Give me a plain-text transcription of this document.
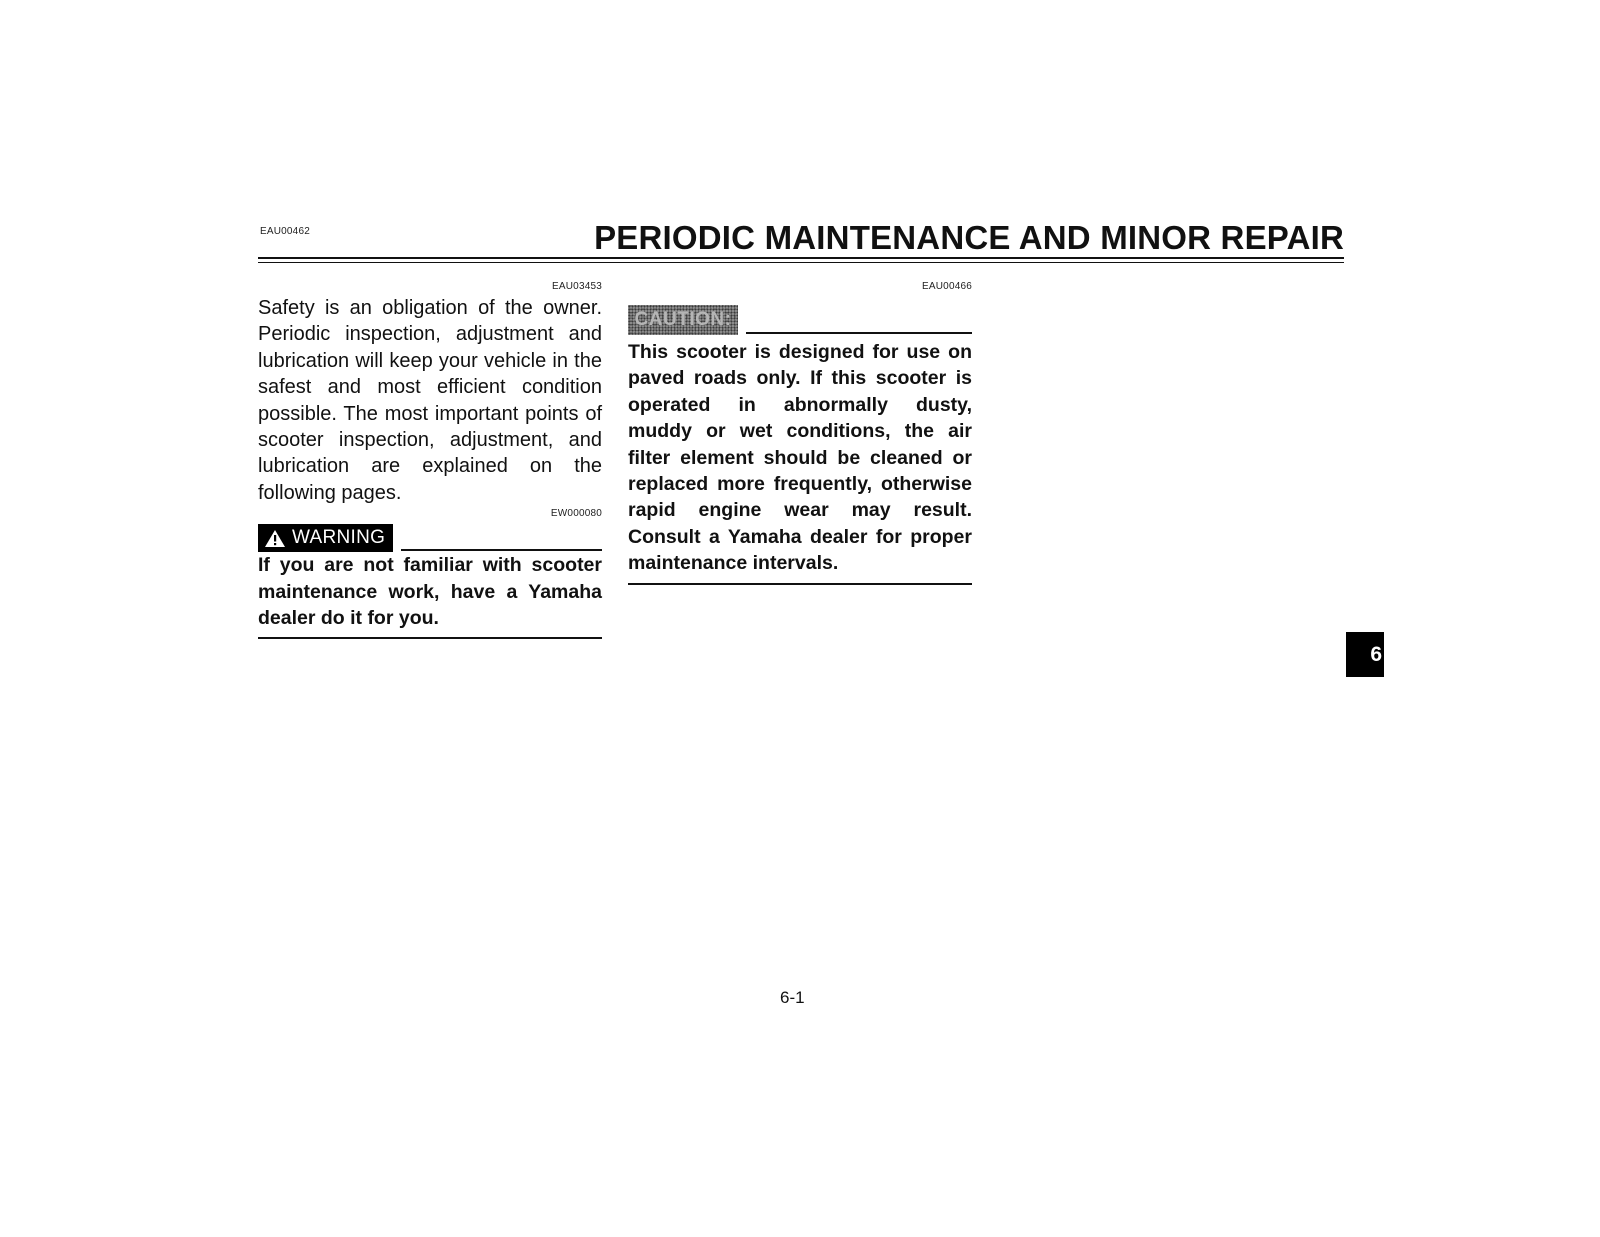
EAU00462	PERIODIC MAINTENANCE AND MINOR REPAIR
EAU03453

Safety is an obligation of the owner. Periodic inspection, adjustment and lubrication will keep your vehicle in the safest and most efficient condition possible. The most important points of scooter inspection, adjustment, and lubrication are explained on the following pages.

EW000080
WARNING

If you are not familiar with scooter maintenance work, have a Yamaha dealer do it for you.

EAU00466
CAUTION:

This scooter is designed for use on paved roads only. If this scooter is operated in abnormally dusty, muddy or wet conditions, the air filter element should be cleaned or replaced more frequently, otherwise rapid engine wear may result. Consult a Yamaha dealer for proper maintenance intervals.

6-1
6
